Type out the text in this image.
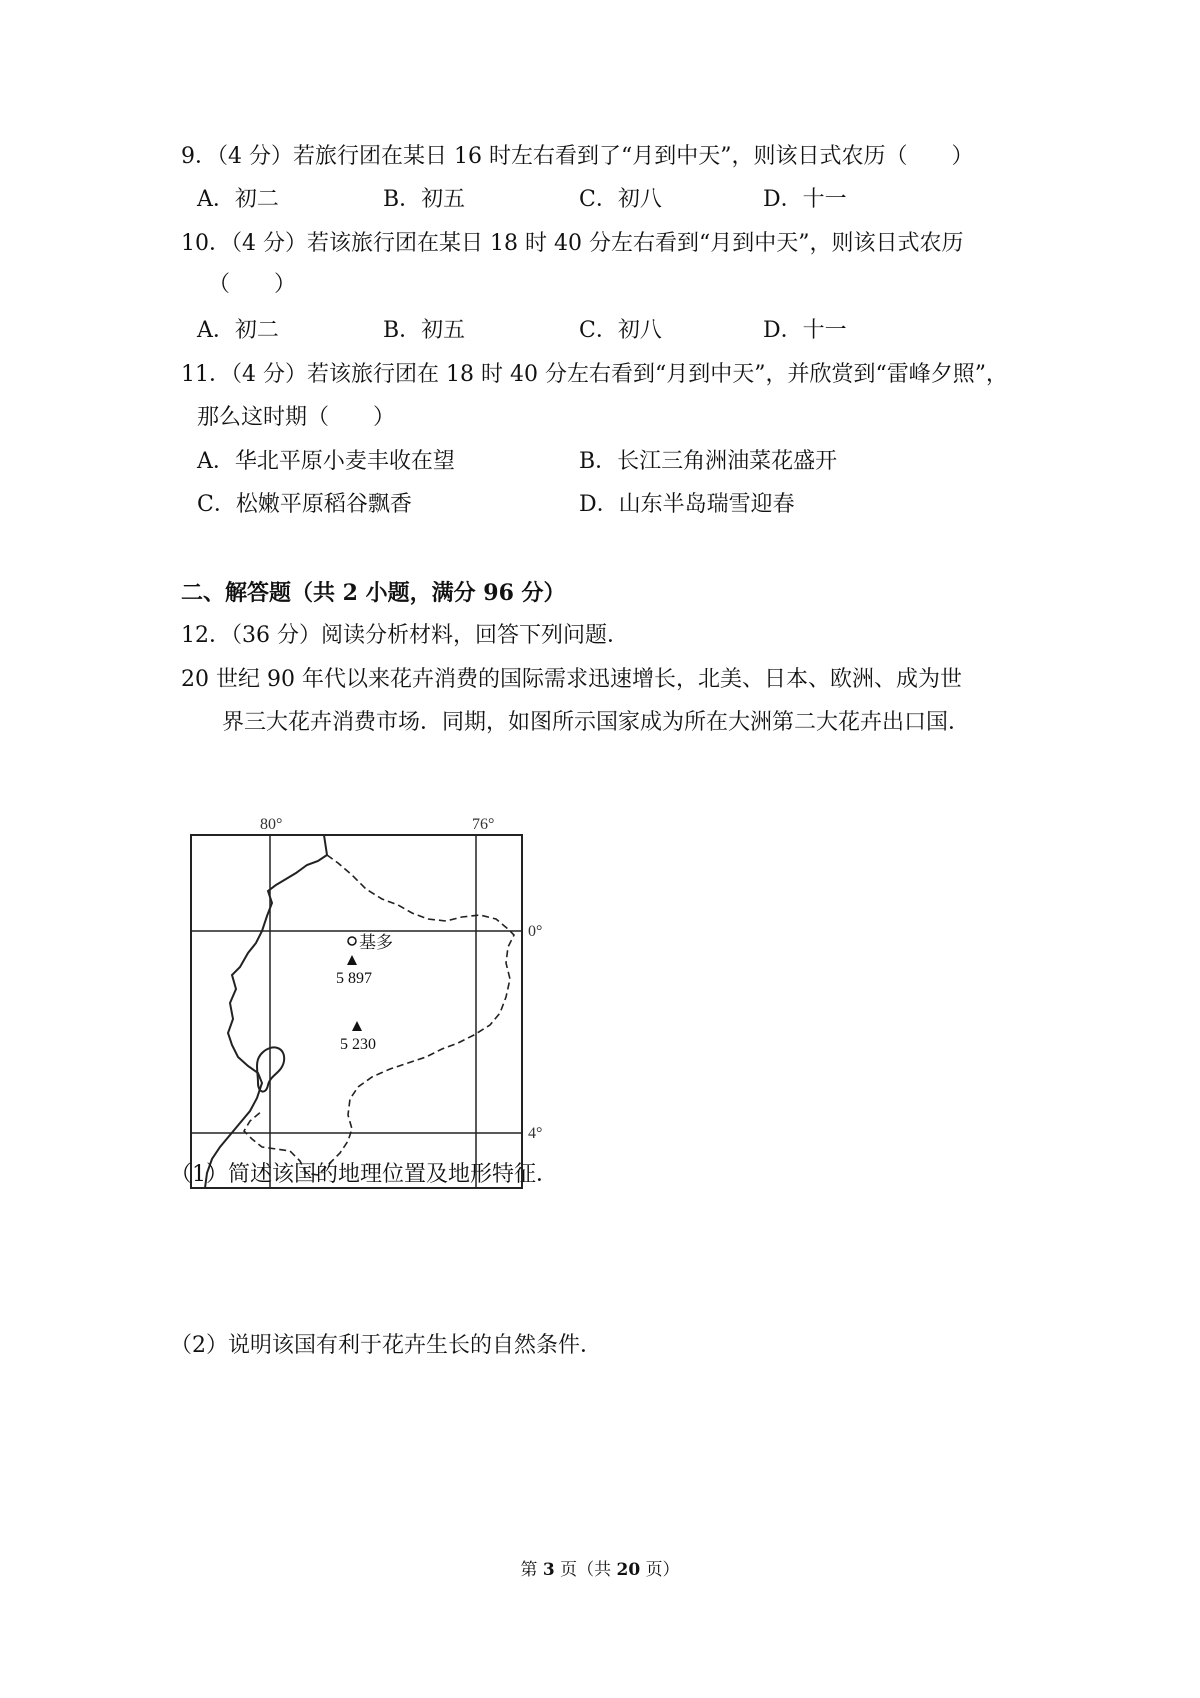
9．（4 分）若旅行团在某日 16 时左右看到了“月到中天”，则该日式农历（　　）
A．初二	B．初五	C．初八	D．十一
10．（4 分）若该旅行团在某日 18 时 40 分左右看到“月到中天”，则该日式农历
（　　）
A．初二	B．初五	C．初八	D．十一
11．（4 分）若该旅行团在 18 时 40 分左右看到“月到中天”，并欣赏到“雷峰夕照”，
那么这时期（　　）
A．华北平原小麦丰收在望	B．长江三角洲油菜花盛开
C．松嫩平原稻谷飘香	D．山东半岛瑞雪迎春
二、解答题（共 2 小题，满分 96 分）
12．（36 分）阅读分析材料，回答下列问题．
20 世纪 90 年代以来花卉消费的国际需求迅速增长，北美、日本、欧洲、成为世
界三大花卉消费市场．同期，如图所示国家成为所在大洲第二大花卉出口国．
80°	76°
0°
4°
基多
5 897
5 230
（1）简述该国的地理位置及地形特征．
（2）说明该国有利于花卉生长的自然条件．
第 3 页（共 20 页）
